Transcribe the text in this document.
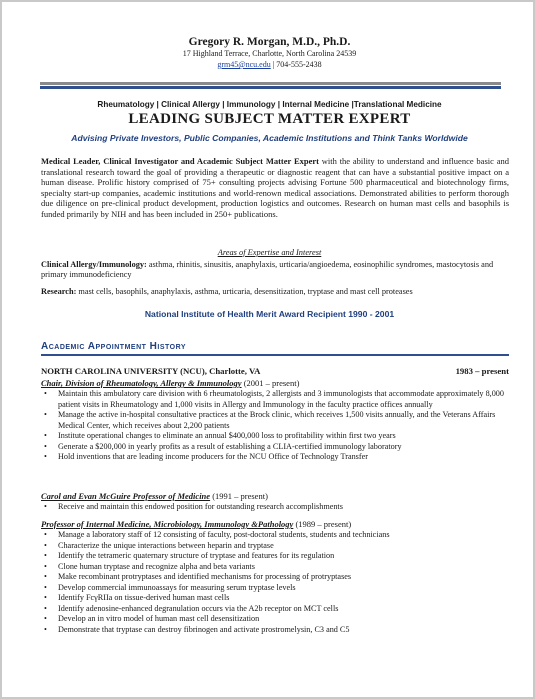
Gregory R. Morgan, M.D., Ph.D.
17 Highland Terrace, Charlotte, North Carolina 24539
grm45@ncu.edu | 704-555-2438
Rheumatology | Clinical Allergy | Immunology | Internal Medicine |Translational Medicine
LEADING SUBJECT MATTER EXPERT
Advising Private Investors, Public Companies, Academic Institutions and Think Tanks Worldwide
Medical Leader, Clinical Investigator and Academic Subject Matter Expert with the ability to understand and influence basic and translational research toward the goal of providing a therapeutic or diagnostic reagent that can have a substantial positive impact on a human disease. Prolific history comprised of 75+ consulting projects advising Fortune 500 pharmaceutical and biotechnology firms, specialty start-up companies, academic institutions and world-renown medical associations. Demonstrated abilities to perform thorough due diligence on pre-clinical product development, production logistics and outcomes. Research on human mast cells and basophils is funded primarily by NIH and has been included in 250+ publications.
Areas of Expertise and Interest
Clinical Allergy/Immunology: asthma, rhinitis, sinusitis, anaphylaxis, urticaria/angioedema, eosinophilic syndromes, mastocytosis and primary immunodeficiency
Research: mast cells, basophils, anaphylaxis, asthma, urticaria, desensitization, tryptase and mast cell proteases
National Institute of Health Merit Award Recipient 1990 - 2001
Academic Appointment History
NORTH CAROLINA UNIVERSITY (NCU), Charlotte, VA	1983 – present
Chair, Division of Rheumatology, Allergy & Immunology (2001 – present)
• Maintain this ambulatory care division with 6 rheumatologists, 2 allergists and 3 immunologists that accommodate approximately 8,000 patient visits in Rheumatology and 1,000 visits in Allergy and Immunology in the faculty practice offices annually
• Manage the active in-hospital consultative practices at the Brock clinic, which receives 1,500 visits annually, and the Veterans Affairs Medical Center, which receives about 2,200 patients
• Institute operational changes to eliminate an annual $400,000 loss to profitability within first two years
• Generate a $200,000 in yearly profits as a result of establishing a CLIA-certified immunology laboratory
• Hold inventions that are leading income producers for the NCU Office of Technology Transfer
Carol and Evan McGuire Professor of Medicine (1991 – present)
• Receive and maintain this endowed position for outstanding research accomplishments
Professor of Internal Medicine, Microbiology, Immunology &Pathology (1989 – present)
• Manage a laboratory staff of 12 consisting of faculty, post-doctoral students, students and technicians
• Characterize the unique interactions between heparin and tryptase
• Identify the tetrameric quaternary structure of tryptase and features for its regulation
• Clone human tryptase and recognize alpha and beta variants
• Make recombinant protryptases and identified mechanisms for processing of protryptases
• Develop commercial immunoassays for measuring serum tryptase levels
• Identify FcγRIIa on tissue-derived human mast cells
• Identify adenosine-enhanced degranulation occurs via the A2b receptor on MCT cells
• Develop an in vitro model of human mast cell desensitization
• Demonstrate that tryptase can destroy fibrinogen and activate prostromelysin, C3 and C5
